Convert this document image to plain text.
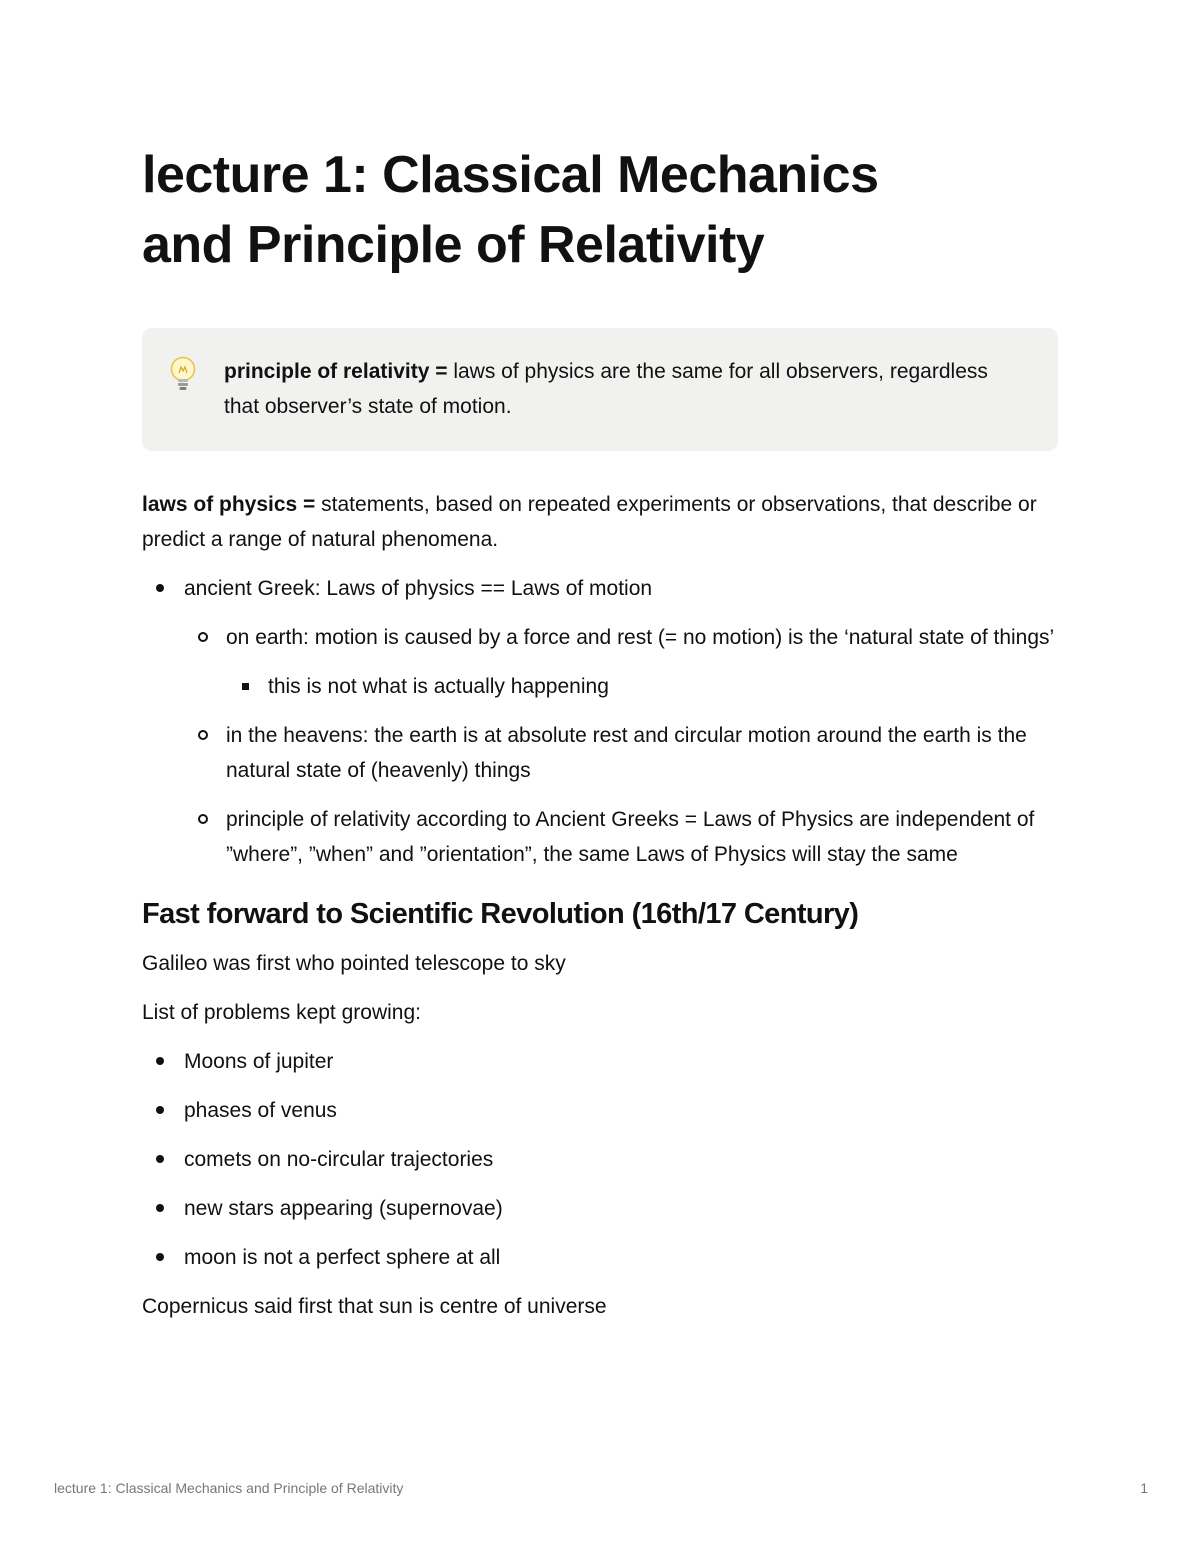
lecture 1: Classical Mechanics
and Principle of Relativity
principle of relativity = laws of physics are the same for all observers, regardless that observer’s state of motion.

laws of physics = statements, based on repeated experiments or observations, that describe or predict a range of natural phenomena.

ancient Greek: Laws of physics == Laws of motion
on earth: motion is caused by a force and rest (= no motion) is the ‘natural state of things’
this is not what is actually happening
in the heavens: the earth is at absolute rest and circular motion around the earth is the natural state of (heavenly) things
principle of relativity according to Ancient Greeks = Laws of Physics are independent of ”where”, ”when” and ”orientation”, the same Laws of Physics will stay the same
Fast forward to Scientific Revolution (16th/17 Century)

Galileo was first who pointed telescope to sky

List of problems kept growing:

Moons of jupiter
phases of venus
comets on no-circular trajectories
new stars appearing (supernovae)
moon is not a perfect sphere at all

Copernicus said first that sun is centre of universe

lecture 1: Classical Mechanics and Principle of Relativity	1
